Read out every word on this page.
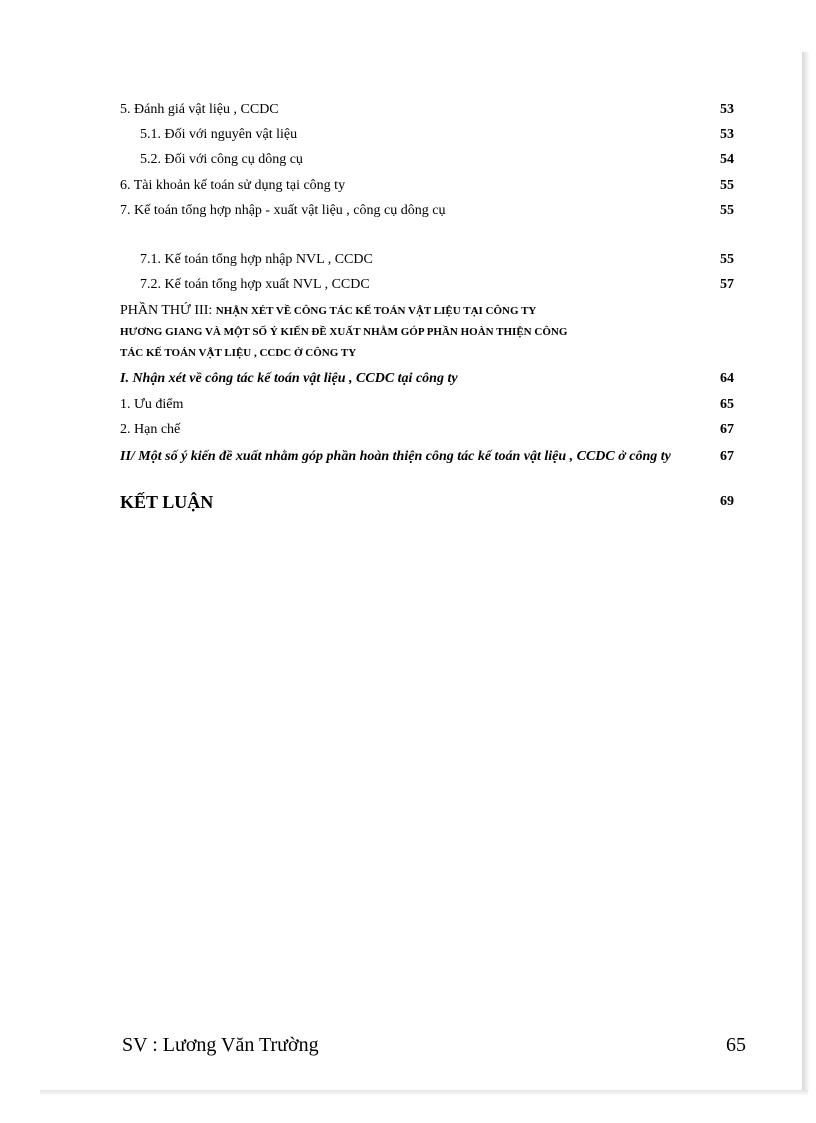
5. Đánh giá vật liệu , CCDC	53
5.1. Đối với nguyên vật liệu	53
5.2. Đối với công cụ dông cụ	54
6. Tài khoản kế toán sử dụng tại công ty	55
7. Kế toán tổng hợp nhập - xuất vật liệu , công cụ dông cụ	55
7.1. Kế toán tổng hợp nhập NVL , CCDC	55
7.2. Kế toán tổng hợp xuất NVL , CCDC	57
PHẦN THỨ III: NHẬN XÉT VỀ CÔNG TÁC KẾ TOÁN VẬT LIỆU TẠI CÔNG TY
HƯƠNG GIANG VÀ MỘT SỐ Ý KIẾN ĐỀ XUẤT NHẰM GÓP PHẦN HOÀN THIỆN CÔNG
TÁC KẾ TOÁN VẬT LIỆU , CCDC Ở CÔNG TY
I. Nhận xét về công tác kế toán vật liệu , CCDC tại công ty	64
1. Ưu điểm	65
2. Hạn chế	67
II/ Một số ý kiến đề xuất nhằm góp phần hoàn thiện công tác kế toán vật liệu , CCDC ở công ty	67
KẾT LUẬN	69
SV : Lương Văn Trường	65
